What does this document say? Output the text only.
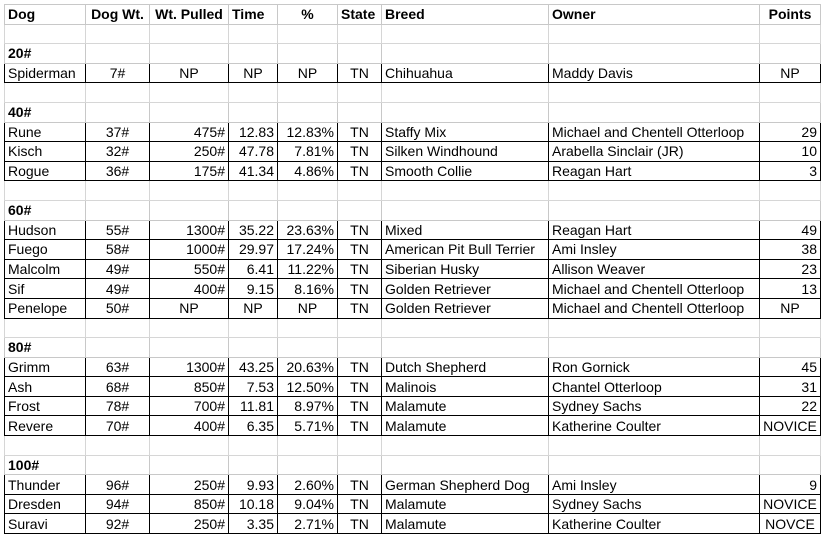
Dog	Dog Wt.	Wt. Pulled	Time	%	State	Breed	Owner	Points

20#								
Spiderman	7#	NP	NP	NP	TN	Chihuahua	Maddy Davis	NP

40#								
Rune	37#	475#	12.83	12.83%	TN	Staffy Mix	Michael and Chentell Otterloop	29
Kisch	32#	250#	47.78	7.81%	TN	Silken Windhound	Arabella Sinclair (JR)	10
Rogue	36#	175#	41.34	4.86%	TN	Smooth Collie	Reagan Hart	3

60#								
Hudson	55#	1300#	35.22	23.63%	TN	Mixed	Reagan Hart	49
Fuego	58#	1000#	29.97	17.24%	TN	American Pit Bull Terrier	Ami Insley	38
Malcolm	49#	550#	6.41	11.22%	TN	Siberian Husky	Allison Weaver	23
Sif	49#	400#	9.15	8.16%	TN	Golden Retriever	Michael and Chentell Otterloop	13
Penelope	50#	NP	NP	NP	TN	Golden Retriever	Michael and Chentell Otterloop	NP

80#								
Grimm	63#	1300#	43.25	20.63%	TN	Dutch Shepherd	Ron Gornick	45
Ash	68#	850#	7.53	12.50%	TN	Malinois	Chantel Otterloop	31
Frost	78#	700#	11.81	8.97%	TN	Malamute	Sydney Sachs	22
Revere	70#	400#	6.35	5.71%	TN	Malamute	Katherine Coulter	NOVICE

100#								
Thunder	96#	250#	9.93	2.60%	TN	German Shepherd Dog	Ami Insley	9
Dresden	94#	850#	10.18	9.04%	TN	Malamute	Sydney Sachs	NOVICE
Suravi	92#	250#	3.35	2.71%	TN	Malamute	Katherine Coulter	NOVCE
